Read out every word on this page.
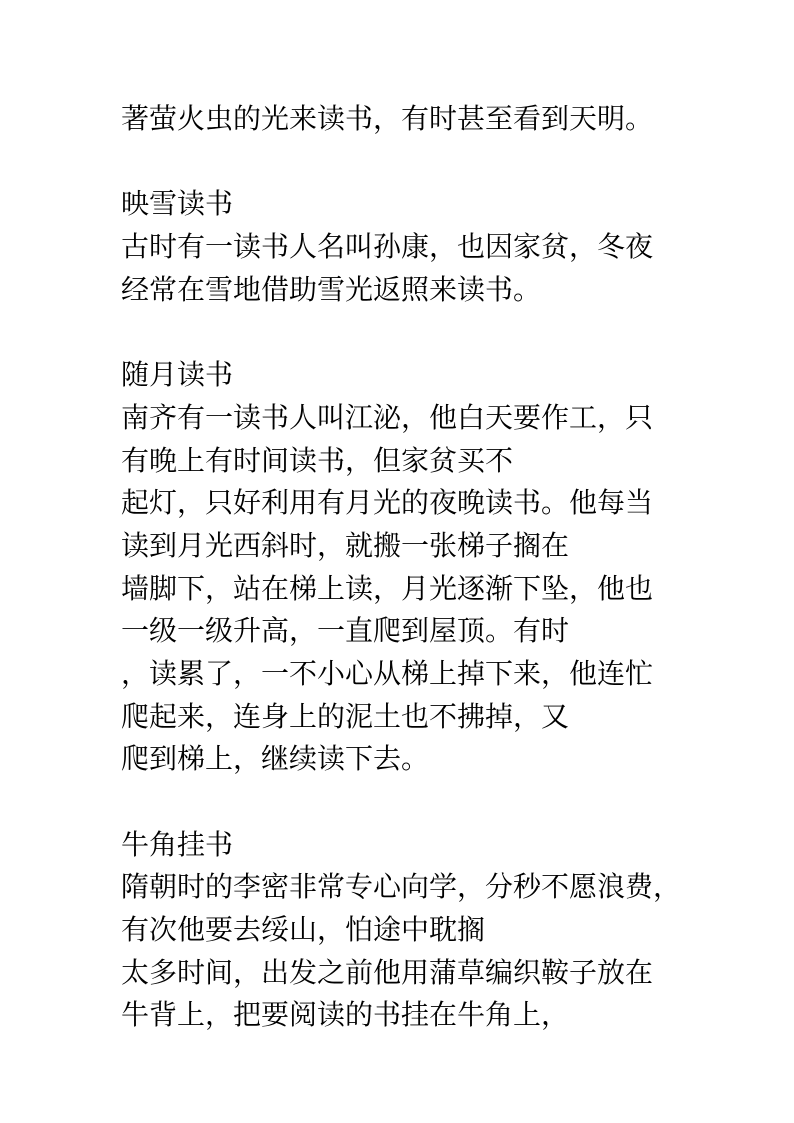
著萤火虫的光来读书，有时甚至看到天明。
映雪读书
古时有一读书人名叫孙康，也因家贫，冬夜
经常在雪地借助雪光返照来读书。
随月读书
南齐有一读书人叫江泌，他白天要作工，只
有晚上有时间读书，但家贫买不
起灯，只好利用有月光的夜晚读书。他每当
读到月光西斜时，就搬一张梯子搁在
墙脚下，站在梯上读，月光逐渐下坠，他也
一级一级升高，一直爬到屋顶。有时
，读累了，一不小心从梯上掉下来，他连忙
爬起来，连身上的泥土也不拂掉，又
爬到梯上，继续读下去。
牛角挂书
隋朝时的李密非常专心向学，分秒不愿浪费，
有次他要去绥山，怕途中耽搁
太多时间，出发之前他用蒲草编织鞍子放在
牛背上，把要阅读的书挂在牛角上，
